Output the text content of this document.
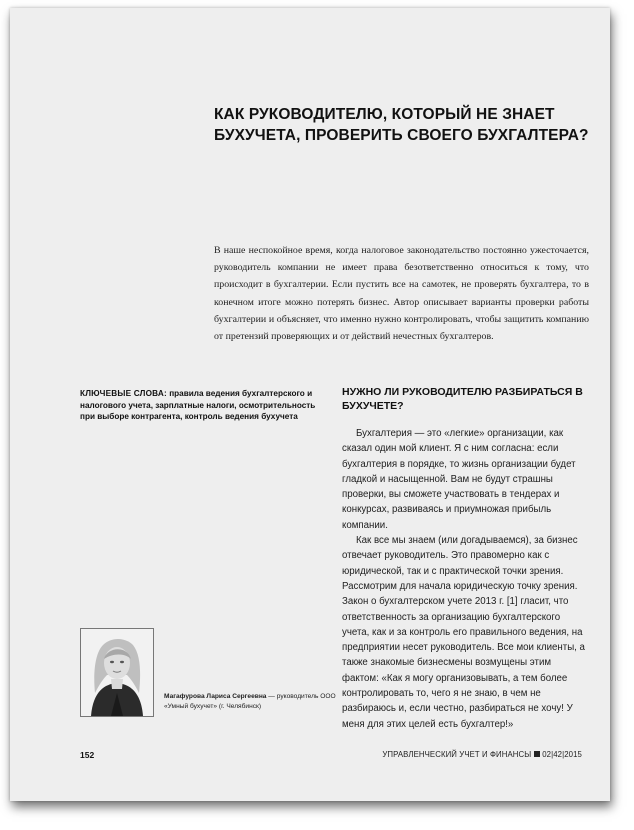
КАК РУКОВОДИТЕЛЮ, КОТОРЫЙ НЕ ЗНАЕТ
БУХУЧЕТА, ПРОВЕРИТЬ СВОЕГО БУХГАЛТЕРА?

В наше неспокойное время, когда налоговое законодательство постоянно ужесточается, руководитель компании не имеет права безответственно относиться к тому, что происходит в бухгалтерии. Если пустить все на самотек, не проверять бухгалтера, то в конечном итоге можно потерять бизнес. Автор описывает варианты проверки работы бухгалтерии и объясняет, что именно нужно контролировать, чтобы защитить компанию от претензий проверяющих и от действий нечестных бухгалтеров.

КЛЮЧЕВЫЕ СЛОВА: правила ведения бухгалтерского и налогового учета, зарплатные налоги, осмотрительность при выборе контрагента, контроль ведения бухучета

НУЖНО ЛИ РУКОВОДИТЕЛЮ РАЗБИРАТЬСЯ В БУХУЧЕТЕ?

Бухгалтерия — это «легкие» организации, как сказал один мой клиент. Я с ним согласна: если бухгалтерия в порядке, то жизнь организации будет гладкой и насыщенной. Вам не будут страшны проверки, вы сможете участвовать в тендерах и конкурсах, развиваясь и приумножая прибыль компании.

Как все мы знаем (или догадываемся), за бизнес отвечает руководитель. Это правомерно как с юридической, так и с практической точки зрения. Рассмотрим для начала юридическую точку зрения. Закон о бухгалтерском учете 2013 г. [1] гласит, что ответственность за организацию бухгалтерского учета, как и за контроль его правильного ведения, на предприятии несет руководитель. Все мои клиенты, а также знакомые бизнесмены возмущены этим фактом: «Как я могу организовывать, а тем более контролировать то, чего я не знаю, в чем не разбираюсь и, если честно, разбираться не хочу! У меня для этих целей есть бухгалтер!»

Магафурова Лариса Сергеевна — руководитель ООО
«Умный бухучет» (г. Челябинск)

152	УПРАВЛЕНЧЕСКИЙ УЧЕТ И ФИНАНСЫ 02|42|2015
